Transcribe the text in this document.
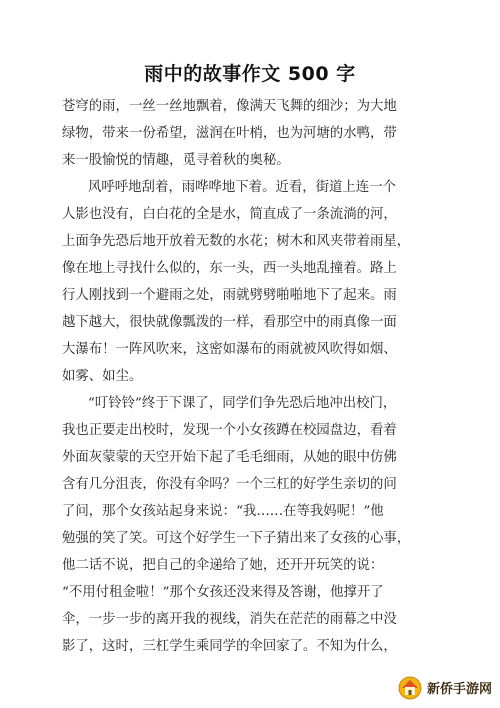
雨中的故事作文 500 字
苍穹的雨，一丝一丝地飘着，像满天飞舞的细沙；为大地
绿物，带来一份希望，滋润在叶梢，也为河塘的水鸭，带
来一股愉悦的情趣，觅寻着秋的奥秘。
风呼呼地刮着，雨哗哗地下着。近看，街道上连一个
人影也没有，白白花的全是水，简直成了一条流淌的河，
上面争先恐后地开放着无数的水花；树木和风夹带着雨星，
像在地上寻找什么似的，东一头，西一头地乱撞着。路上
行人刚找到一个避雨之处，雨就劈劈啪啪地下了起来。雨
越下越大，很快就像瓢泼的一样，看那空中的雨真像一面
大瀑布！一阵风吹来，这密如瀑布的雨就被风吹得如烟、
如雾、如尘。
“叮铃铃”终于下课了，同学们争先恐后地冲出校门，
我也正要走出校时，发现一个小女孩蹲在校园盘边，看着
外面灰蒙蒙的天空开始下起了毛毛细雨，从她的眼中仿佛
含有几分沮丧，你没有伞吗？一个三杠的好学生亲切的问
了问，那个女孩站起身来说：“我……在等我妈呢！”他
勉强的笑了笑。可这个好学生一下子猜出来了女孩的心事，
他二话不说，把自己的伞递给了她，还开开玩笑的说：
“不用付租金啦！”那个女孩还没来得及答谢，他撑开了
伞，一步一步的离开我的视线，消失在茫茫的雨幕之中没
影了，这时，三杠学生乘同学的伞回家了。不知为什么，
新侨手游网
